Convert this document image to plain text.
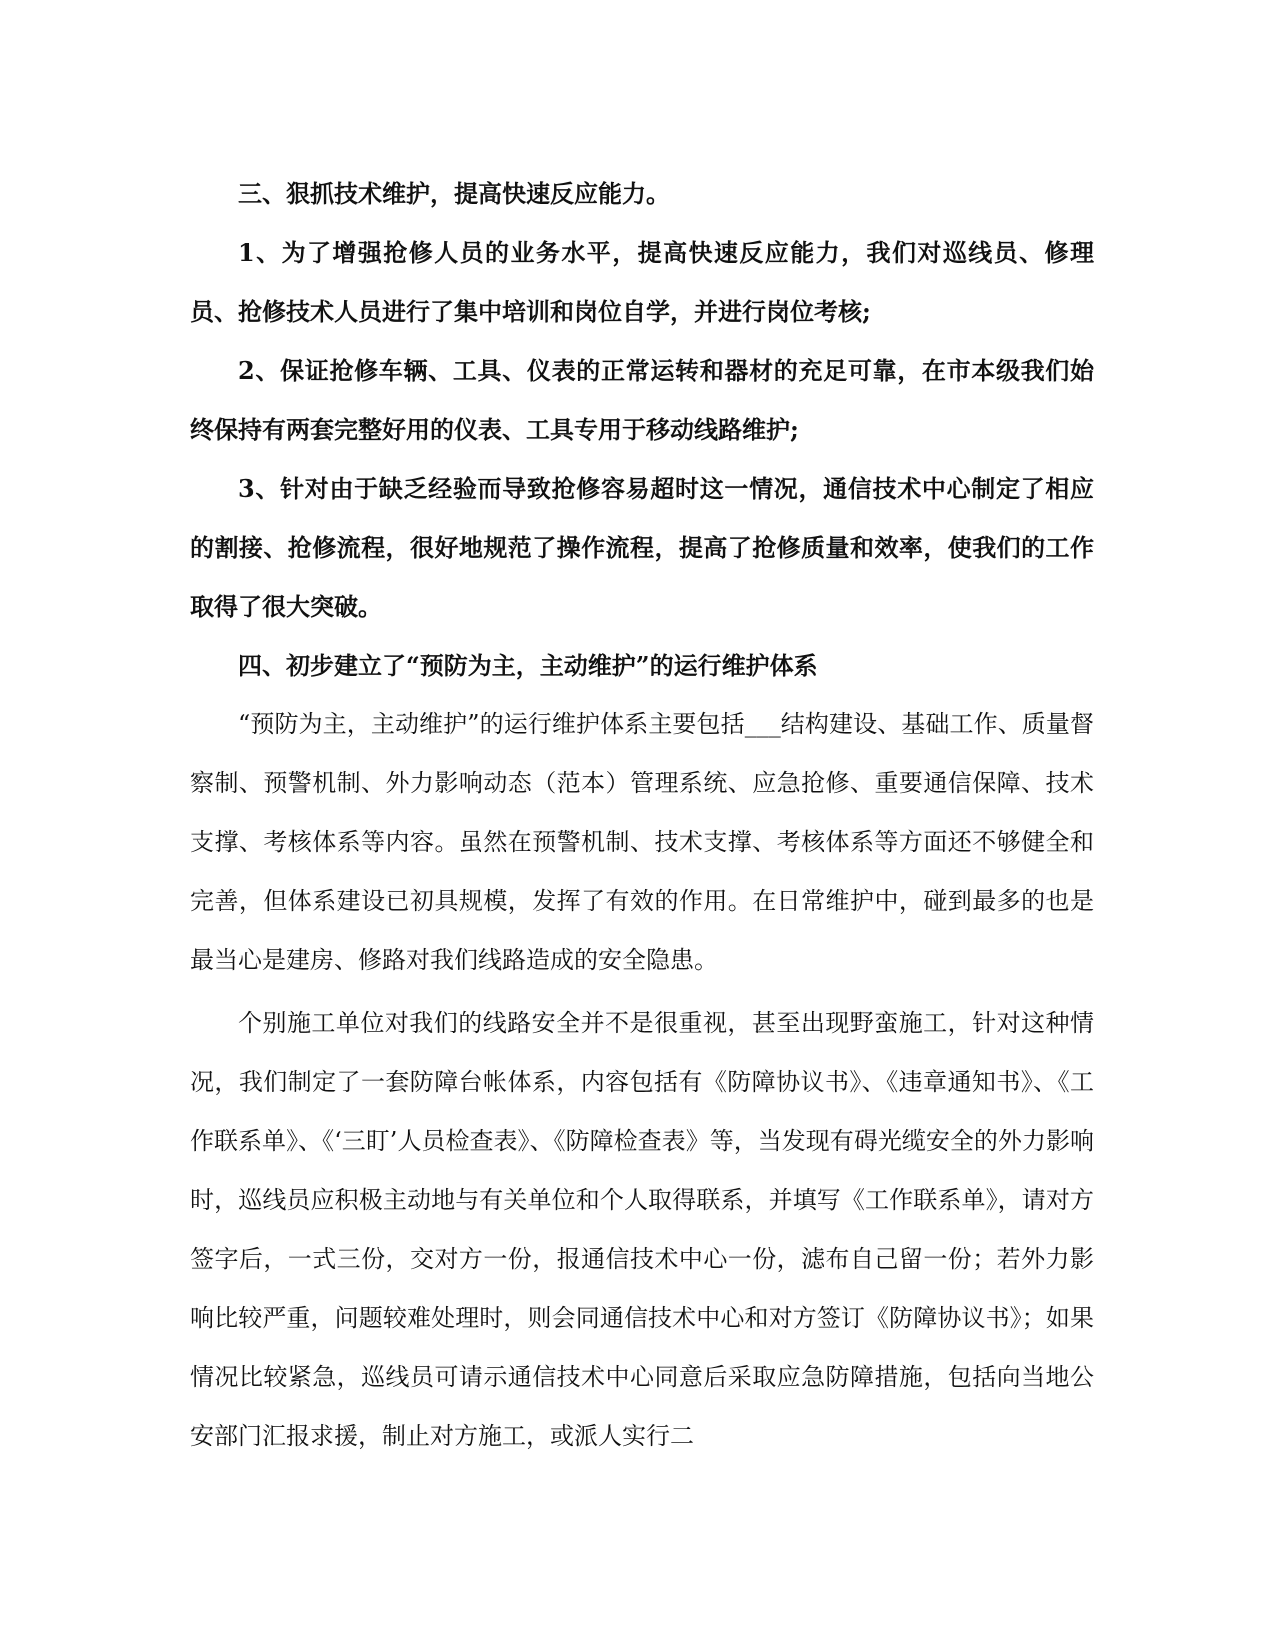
三、狠抓技术维护，提高快速反应能力。

1、为了增强抢修人员的业务水平，提高快速反应能力，我们对巡线员、修理员、抢修技术人员进行了集中培训和岗位自学，并进行岗位考核;

2、保证抢修车辆、工具、仪表的正常运转和器材的充足可靠，在市本级我们始终保持有两套完整好用的仪表、工具专用于移动线路维护;

3、针对由于缺乏经验而导致抢修容易超时这一情况，通信技术中心制定了相应的割接、抢修流程，很好地规范了操作流程，提高了抢修质量和效率，使我们的工作取得了很大突破。

四、初步建立了“预防为主，主动维护”的运行维护体系

“预防为主，主动维护”的运行维护体系主要包括___结构建设、基础工作、质量督察制、预警机制、外力影响动态（范本）管理系统、应急抢修、重要通信保障、技术支撑、考核体系等内容。虽然在预警机制、技术支撑、考核体系等方面还不够健全和完善，但体系建设已初具规模，发挥了有效的作用。在日常维护中，碰到最多的也是最当心是建房、修路对我们线路造成的安全隐患。

个别施工单位对我们的线路安全并不是很重视，甚至出现野蛮施工，针对这种情况，我们制定了一套防障台帐体系，内容包括有《防障协议书》、《违章通知书》、《工作联系单》、《‘三盯’人员检查表》、《防障检查表》等，当发现有碍光缆安全的外力影响时，巡线员应积极主动地与有关单位和个人取得联系，并填写《工作联系单》，请对方签字后，一式三份，交对方一份，报通信技术中心一份，滤布自己留一份；若外力影响比较严重，问题较难处理时，则会同通信技术中心和对方签订《防障协议书》；如果情况比较紧急，巡线员可请示通信技术中心同意后采取应急防障措施，包括向当地公安部门汇报求援，制止对方施工，或派人实行二
